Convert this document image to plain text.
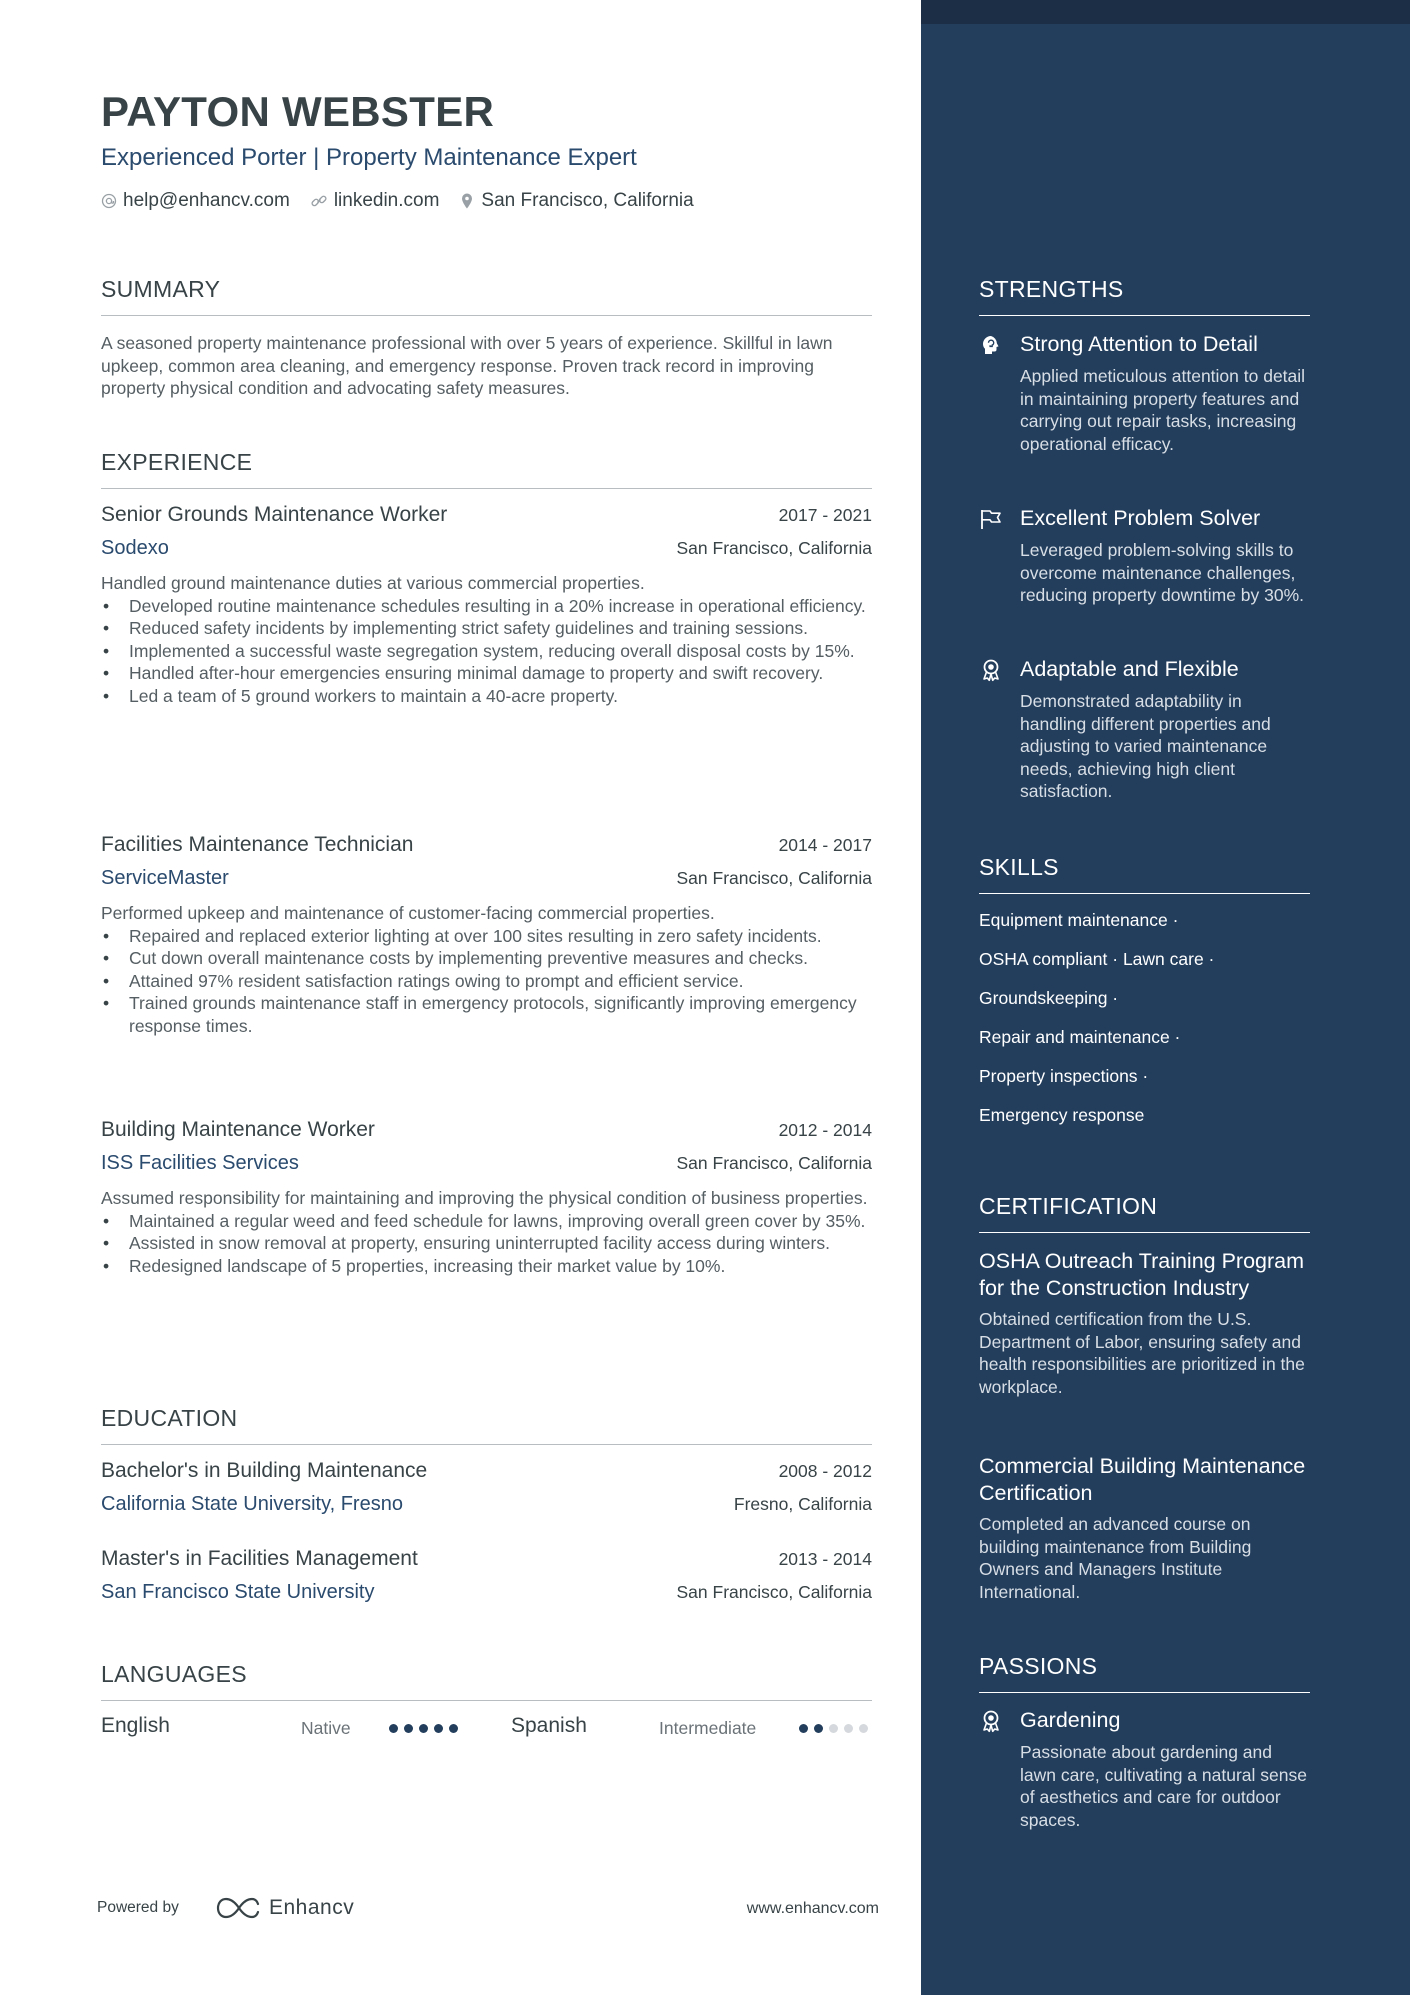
PAYTON WEBSTER
Experienced Porter | Property Maintenance Expert
help@enhancv.com linkedin.com San Francisco, California
SUMMARY
A seasoned property maintenance professional with over 5 years of experience. Skillful in lawn upkeep, common area cleaning, and emergency response. Proven track record in improving property physical condition and advocating safety measures.
EXPERIENCE
Senior Grounds Maintenance Worker	2017 - 2021
Sodexo	San Francisco, California
Handled ground maintenance duties at various commercial properties.
• Developed routine maintenance schedules resulting in a 20% increase in operational efficiency.
• Reduced safety incidents by implementing strict safety guidelines and training sessions.
• Implemented a successful waste segregation system, reducing overall disposal costs by 15%.
• Handled after-hour emergencies ensuring minimal damage to property and swift recovery.
• Led a team of 5 ground workers to maintain a 40-acre property.
Facilities Maintenance Technician	2014 - 2017
ServiceMaster	San Francisco, California
Performed upkeep and maintenance of customer-facing commercial properties.
• Repaired and replaced exterior lighting at over 100 sites resulting in zero safety incidents.
• Cut down overall maintenance costs by implementing preventive measures and checks.
• Attained 97% resident satisfaction ratings owing to prompt and efficient service.
• Trained grounds maintenance staff in emergency protocols, significantly improving emergency response times.
Building Maintenance Worker	2012 - 2014
ISS Facilities Services	San Francisco, California
Assumed responsibility for maintaining and improving the physical condition of business properties.
• Maintained a regular weed and feed schedule for lawns, improving overall green cover by 35%.
• Assisted in snow removal at property, ensuring uninterrupted facility access during winters.
• Redesigned landscape of 5 properties, increasing their market value by 10%.
EDUCATION
Bachelor's in Building Maintenance	2008 - 2012
California State University, Fresno	Fresno, California
Master's in Facilities Management	2013 - 2014
San Francisco State University	San Francisco, California
LANGUAGES
English	Native	Spanish	Intermediate
Powered by	Enhancv	www.enhancv.com
STRENGTHS
Strong Attention to Detail
Applied meticulous attention to detail in maintaining property features and carrying out repair tasks, increasing operational efficacy.
Excellent Problem Solver
Leveraged problem-solving skills to overcome maintenance challenges, reducing property downtime by 30%.
Adaptable and Flexible
Demonstrated adaptability in handling different properties and adjusting to varied maintenance needs, achieving high client satisfaction.
SKILLS
Equipment maintenance ·
OSHA compliant · Lawn care ·
Groundskeeping ·
Repair and maintenance ·
Property inspections ·
Emergency response
CERTIFICATION
OSHA Outreach Training Program for the Construction Industry
Obtained certification from the U.S. Department of Labor, ensuring safety and health responsibilities are prioritized in the workplace.
Commercial Building Maintenance Certification
Completed an advanced course on building maintenance from Building Owners and Managers Institute International.
PASSIONS
Gardening
Passionate about gardening and lawn care, cultivating a natural sense of aesthetics and care for outdoor spaces.
